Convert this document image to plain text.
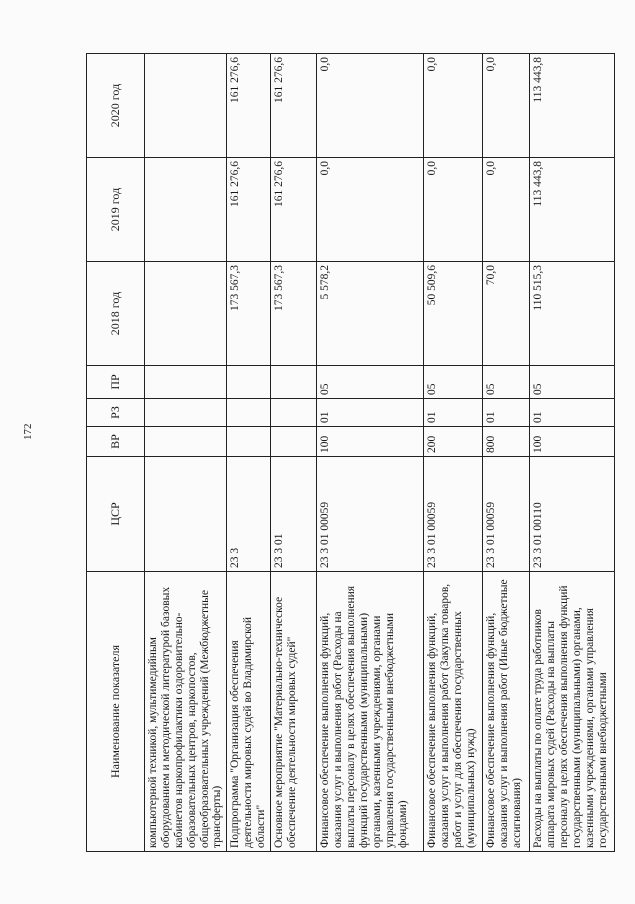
172
Наименование показателя	ЦСР	ВР	РЗ	ПР	2018 год	2019 год	2020 год
компьютерной техникой, мультимедийным оборудованием и методической литературой базовых кабинетов наркопрофилактики оздоровительно-образовательных центров, наркопостов, общеобразовательных учреждений (Межбюджетные трансферты)							
Подпрограмма "Организация обеспечения деятельности мировых судей во Владимирской области"	23 3				173 567,3	161 276,6	161 276,6
Основное мероприятие "Материально-техническое обеспечение деятельности мировых судей"	23 3 01				173 567,3	161 276,6	161 276,6
Финансовое обеспечение выполнения функций, оказания услуг и выполнения работ (Расходы на выплаты персоналу в целях обеспечения выполнения функций государственными (муниципальными) органами, казенными учреждениями, органами управления государственными внебюджетными фондами)	23 3 01 00059	100	01	05	5 578,2	0,0	0,0
Финансовое обеспечение выполнения функций, оказания услуг и выполнения работ (Закупка товаров, работ и услуг для обеспечения государственных (муниципальных) нужд)	23 3 01 00059	200	01	05	50 509,6	0,0	0,0
Финансовое обеспечение выполнения функций, оказания услуг и выполнения работ (Иные бюджетные ассигнования)	23 3 01 00059	800	01	05	70,0	0,0	0,0
Расходы на выплаты по оплате труда работников аппарата мировых судей (Расходы на выплаты персоналу в целях обеспечения выполнения функций государственными (муниципальными) органами, казенными учреждениями, органами управления государственными внебюджетными	23 3 01 00110	100	01	05	110 515,3	113 443,8	113 443,8
